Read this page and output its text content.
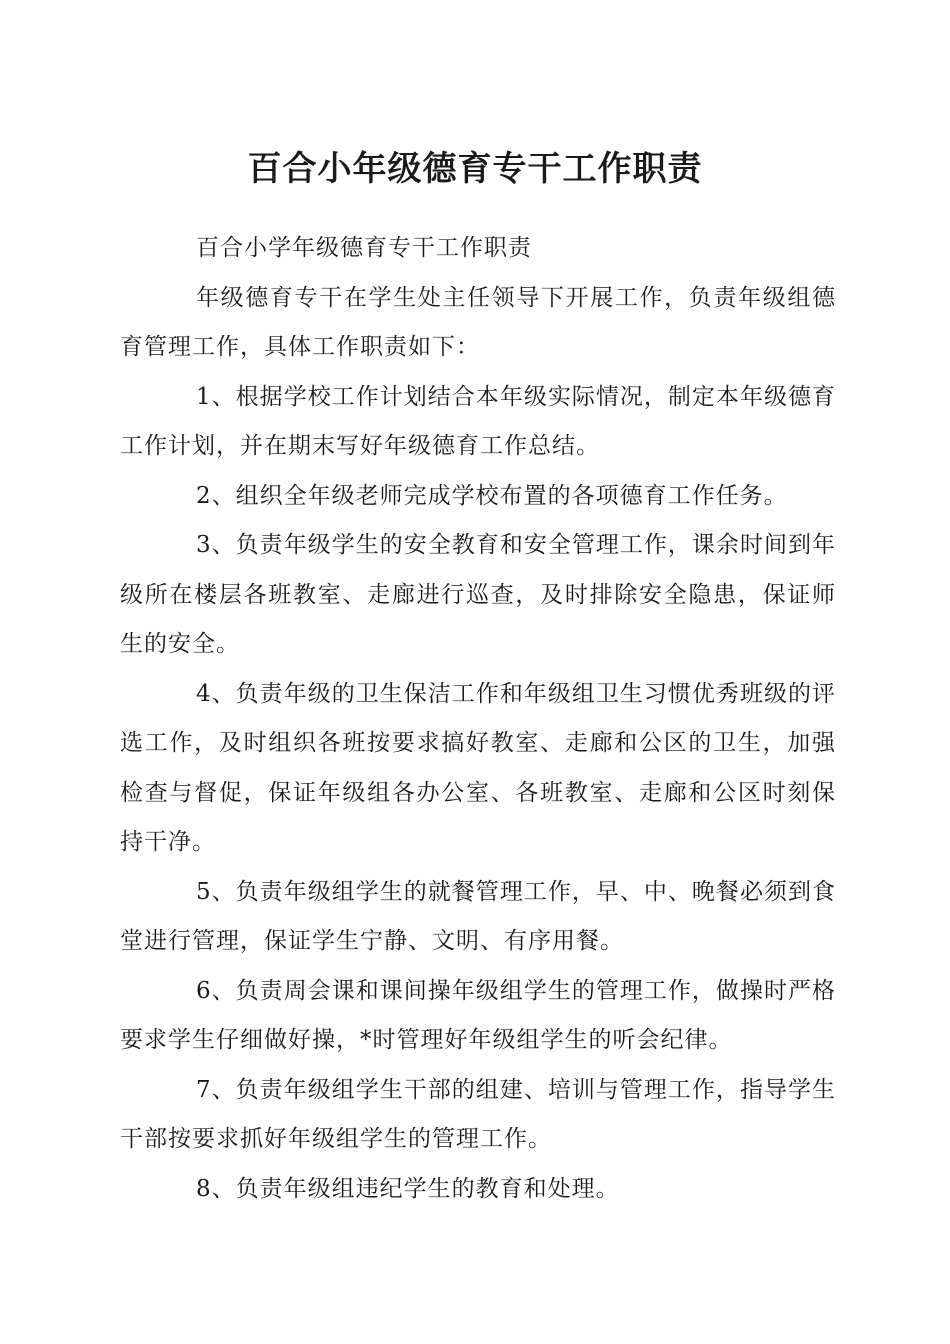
百合小年级德育专干工作职责

百合小学年级德育专干工作职责

年级德育专干在学生处主任领导下开展工作，负责年级组德育管理工作，具体工作职责如下：

1、根据学校工作计划结合本年级实际情况，制定本年级德育工作计划，并在期末写好年级德育工作总结。

2、组织全年级老师完成学校布置的各项德育工作任务。

3、负责年级学生的安全教育和安全管理工作，课余时间到年级所在楼层各班教室、走廊进行巡查，及时排除安全隐患，保证师生的安全。

4、负责年级的卫生保洁工作和年级组卫生习惯优秀班级的评选工作，及时组织各班按要求搞好教室、走廊和公区的卫生，加强检查与督促，保证年级组各办公室、各班教室、走廊和公区时刻保持干净。

5、负责年级组学生的就餐管理工作，早、中、晚餐必须到食堂进行管理，保证学生宁静、文明、有序用餐。

6、负责周会课和课间操年级组学生的管理工作，做操时严格要求学生仔细做好操，*时管理好年级组学生的听会纪律。

7、负责年级组学生干部的组建、培训与管理工作，指导学生干部按要求抓好年级组学生的管理工作。

8、负责年级组违纪学生的教育和处理。
